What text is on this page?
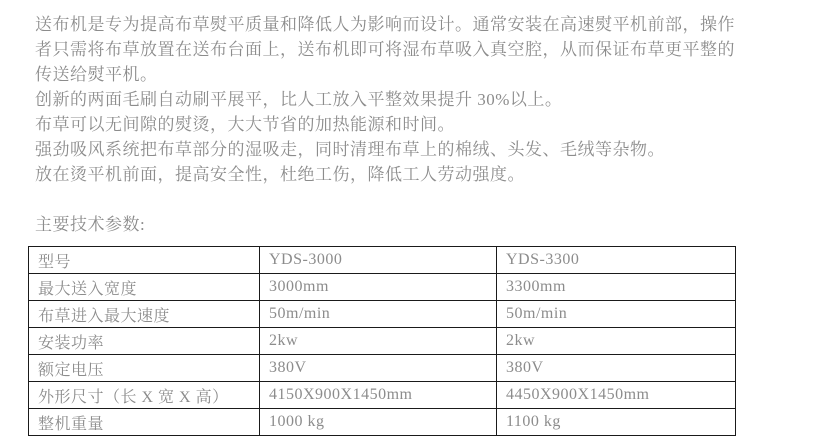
送布机是专为提高布草熨平质量和降低人为影响而设计。通常安装在高速熨平机前部，操作
者只需将布草放置在送布台面上，送布机即可将湿布草吸入真空腔，从而保证布草更平整的
传送给熨平机。
创新的两面毛刷自动刷平展平，比人工放入平整效果提升 30%以上。
布草可以无间隙的熨烫，大大节省的加热能源和时间。
强劲吸风系统把布草部分的湿吸走，同时清理布草上的棉绒、头发、毛绒等杂物。
放在烫平机前面，提高安全性，杜绝工伤，降低工人劳动强度。
主要技术参数:
型号	YDS-3000	YDS-3300
最大送入宽度	3000mm	3300mm
布草进入最大速度	50m/min	50m/min
安装功率	2kw	2kw
额定电压	380V	380V
外形尺寸（长 X 宽 X 高）	4150X900X1450mm	4450X900X1450mm
整机重量	1000 kg	1100 kg
